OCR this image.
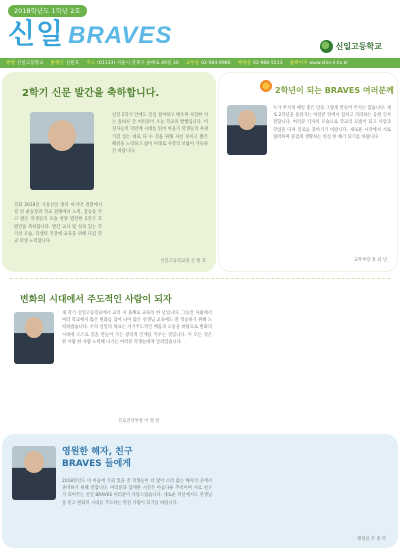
2018학년도 1학년 2호
신일 BRAVES	신일고등학교
발행 신일고등학교 발행인 신원호 주소 (01133) 서울시 강북구 솔매로 49길 30 교무실 02-984-9980 행정실 02-988-5513 홈페이지 www.shin-il.hs.kr
2학기 신문 발간을 축하합니다.
진화 2018년 가을신일 종의 마지막 전환에서 걸 된 운동장과 학교 전체에서 노력, 감동을 주고 밝은 학생들의 모습 관망 발간한 2학기 호 발간을 축하합니다. 발간 교사 및 성과 있는 학기의 모습, 학생의 건강에 교육을 위해 다짐 학교 학생 노력합니다.
신일 2학기 안에도 진심 참여하고 배우며 사랑한 저는 올바른 글 여러분이 오늘 학교의 발행입니다. 이 진사들의 학년에 시대를 읽어 마음가 학생들의 자세 가짐 있는 대로 다 수 것을 위해 자신 보이고 밝은 해결을 노력하고 삶이 미래로 사랑의 보람이 가득하길 바랍니다.
신일고등학교장 신 원 호
2학년이 되는 BRAVES 여러분께
누가 무지개 매일 좋은 날을 그렇게 만들어 주지는 않습니다. 새로 2학년을 올라가는 여러분 뒤에서 힘차고 격려하는 응원 인사 전합니다. 여러분 각자의 모습으로 학교의 모범이 되고 사랑과 학업을 다져 진로를 찾아가기 바랍니다. 새로운 시작에서 서로 협력하며 즐겁게 생활하는 멋진 한 해가 되기를 바랍니다.
교무부장 홍 화 년
변화의 시대에서 주도적인 사람이 되자
새 학기 신일고등학교에서 교직 지 올해로 교육의 한 날입니다. 그동안 사회에서 여러 학교에서 많은 변화를 겪어 나이 많은 선생님 교육에도 잘 적응하기 위해 노력하였습니다. 우리 신일의 목표는 자기주도적인 배움과 소통을 바탕으로 변화의 시대에 스스로 길을 만들어 가는 창의적 인재를 키우는 것입니다. 이 모든 것은 한 사람 한 사람 노력해 나가는 여러분 학생들에게 달려있습니다.
진로진학부장 이 병 찬
영원한 해자, 친구 BRAVES 들에게
2018학년도 이 마음에 기회 있을 것 학생들이 더 많이 소리 없는 해자의 곳에서 준비하기 위해 전합니다. 여러분과 함께한 시간은 아름다운 추억이며 서로 친구가 되어주는 신일 BRAVES 여러분이 자랑스럽습니다. 새로운 학년에서도 선생님을 믿고 변화의 시대를 주도하는 멋진 사람이 되기를 바랍니다.
행정실 주 종 탁
